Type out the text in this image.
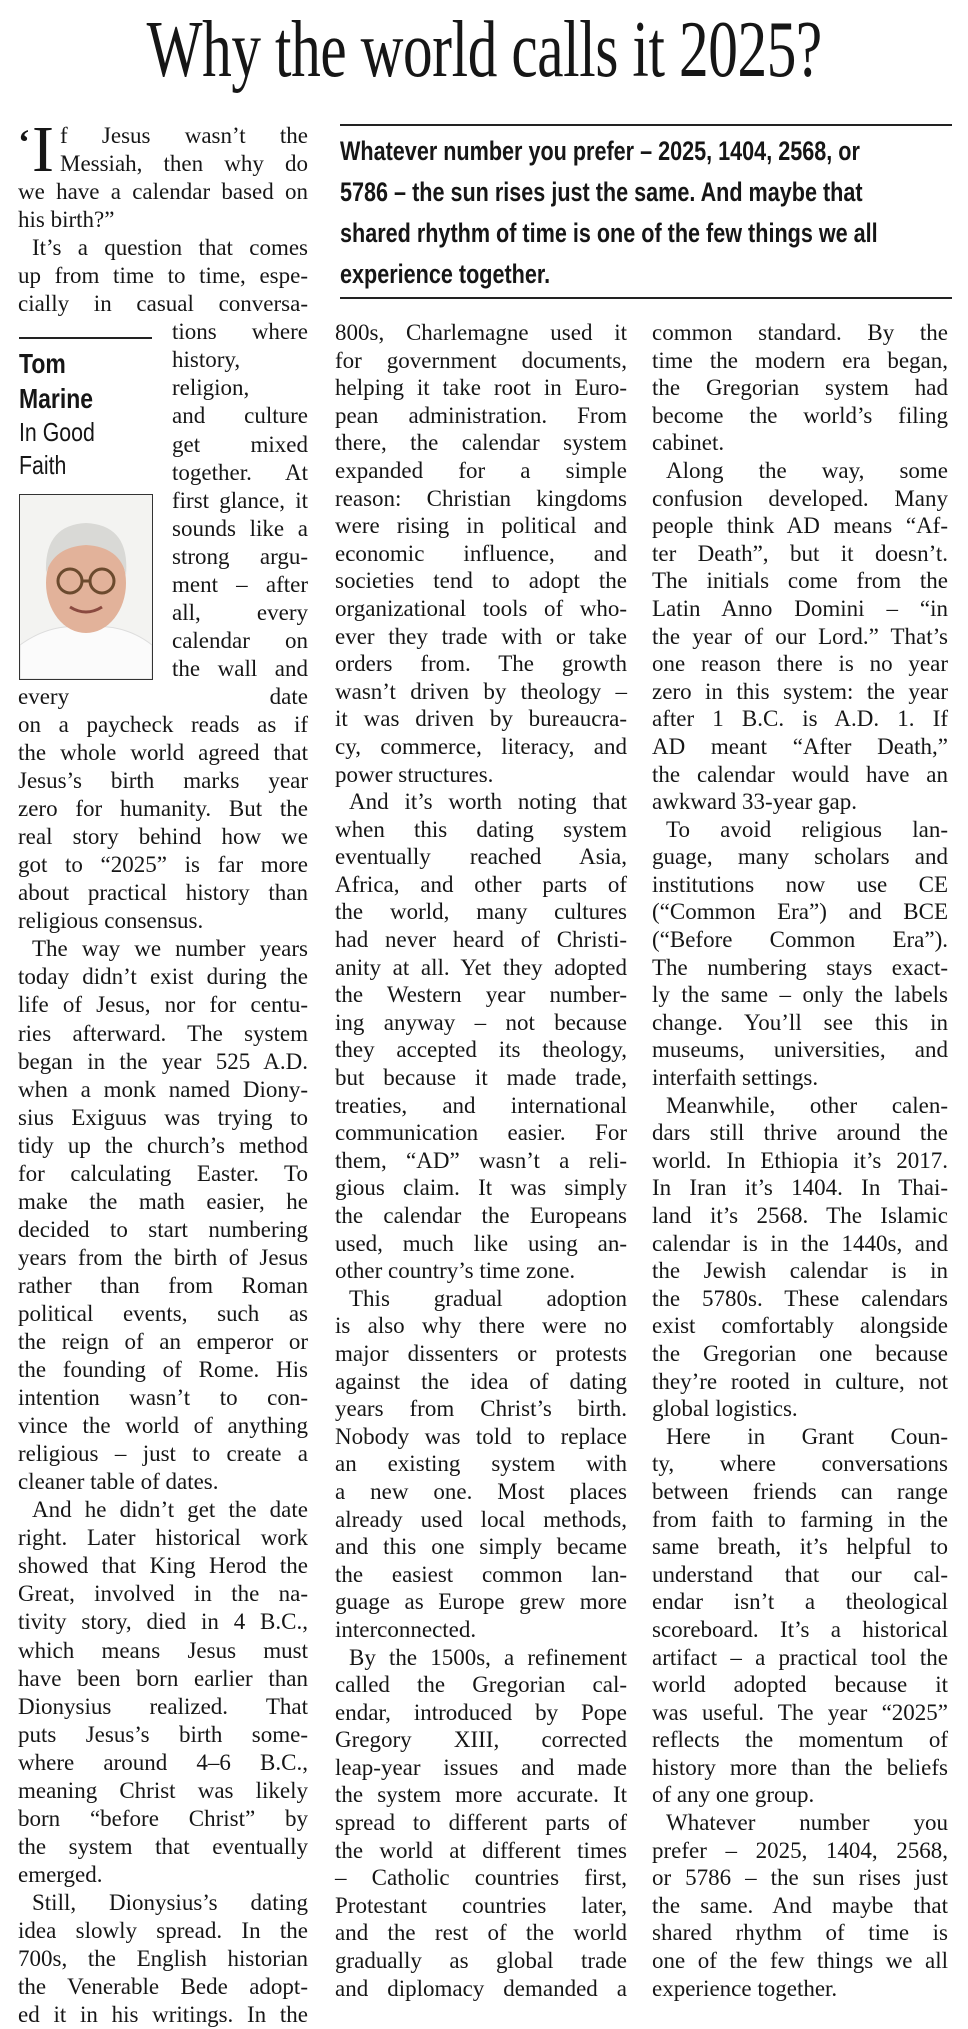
Why the world calls it 2025?
Whatever number you prefer – 2025, 1404, 2568, or
5786 – the sun rises just the same. And maybe that
shared rhythm of time is one of the few things we all
experience together.
Tom
Marine
In Good
Faith
‘ I f Jesus wasn’t the
Messiah, then why do
we have a calendar based on
his birth?”
It’s a question that comes
up from time to time, espe-
cially in casual conversa-
tions where
history,
religion,
and culture
get mixed
together. At
first glance, it
sounds like a
strong argu-
ment – after
all, every
calendar on
the wall and
every date
on a paycheck reads as if
the whole world agreed that
Jesus’s birth marks year
zero for humanity. But the
real story behind how we
got to “2025” is far more
about practical history than
religious consensus.
The way we number years
today didn’t exist during the
life of Jesus, nor for centu-
ries afterward. The system
began in the year 525 A.D.
when a monk named Diony-
sius Exiguus was trying to
tidy up the church’s method
for calculating Easter. To
make the math easier, he
decided to start numbering
years from the birth of Jesus
rather than from Roman
political events, such as
the reign of an emperor or
the founding of Rome. His
intention wasn’t to con-
vince the world of anything
religious – just to create a
cleaner table of dates.
And he didn’t get the date
right. Later historical work
showed that King Herod the
Great, involved in the na-
tivity story, died in 4 B.C.,
which means Jesus must
have been born earlier than
Dionysius realized. That
puts Jesus’s birth some-
where around 4–6 B.C.,
meaning Christ was likely
born “before Christ” by
the system that eventually
emerged.
Still, Dionysius’s dating
idea slowly spread. In the
700s, the English historian
the Venerable Bede adopt-
ed it in his writings. In the
800s, Charlemagne used it
for government documents,
helping it take root in Euro-
pean administration. From
there, the calendar system
expanded for a simple
reason: Christian kingdoms
were rising in political and
economic influence, and
societies tend to adopt the
organizational tools of who-
ever they trade with or take
orders from. The growth
wasn’t driven by theology –
it was driven by bureaucra-
cy, commerce, literacy, and
power structures.
And it’s worth noting that
when this dating system
eventually reached Asia,
Africa, and other parts of
the world, many cultures
had never heard of Christi-
anity at all. Yet they adopted
the Western year number-
ing anyway – not because
they accepted its theology,
but because it made trade,
treaties, and international
communication easier. For
them, “AD” wasn’t a reli-
gious claim. It was simply
the calendar the Europeans
used, much like using an-
other country’s time zone.
This gradual adoption
is also why there were no
major dissenters or protests
against the idea of dating
years from Christ’s birth.
Nobody was told to replace
an existing system with
a new one. Most places
already used local methods,
and this one simply became
the easiest common lan-
guage as Europe grew more
interconnected.
By the 1500s, a refinement
called the Gregorian cal-
endar, introduced by Pope
Gregory XIII, corrected
leap-year issues and made
the system more accurate. It
spread to different parts of
the world at different times
– Catholic countries first,
Protestant countries later,
and the rest of the world
gradually as global trade
and diplomacy demanded a
common standard. By the
time the modern era began,
the Gregorian system had
become the world’s filing
cabinet.
Along the way, some
confusion developed. Many
people think AD means “Af-
ter Death”, but it doesn’t.
The initials come from the
Latin Anno Domini – “in
the year of our Lord.” That’s
one reason there is no year
zero in this system: the year
after 1 B.C. is A.D. 1. If
AD meant “After Death,”
the calendar would have an
awkward 33-year gap.
To avoid religious lan-
guage, many scholars and
institutions now use CE
(“Common Era”) and BCE
(“Before Common Era”).
The numbering stays exact-
ly the same – only the labels
change. You’ll see this in
museums, universities, and
interfaith settings.
Meanwhile, other calen-
dars still thrive around the
world. In Ethiopia it’s 2017.
In Iran it’s 1404. In Thai-
land it’s 2568. The Islamic
calendar is in the 1440s, and
the Jewish calendar is in
the 5780s. These calendars
exist comfortably alongside
the Gregorian one because
they’re rooted in culture, not
global logistics.
Here in Grant Coun-
ty, where conversations
between friends can range
from faith to farming in the
same breath, it’s helpful to
understand that our cal-
endar isn’t a theological
scoreboard. It’s a historical
artifact – a practical tool the
world adopted because it
was useful. The year “2025”
reflects the momentum of
history more than the beliefs
of any one group.
Whatever number you
prefer – 2025, 1404, 2568,
or 5786 – the sun rises just
the same. And maybe that
shared rhythm of time is
one of the few things we all
experience together.
